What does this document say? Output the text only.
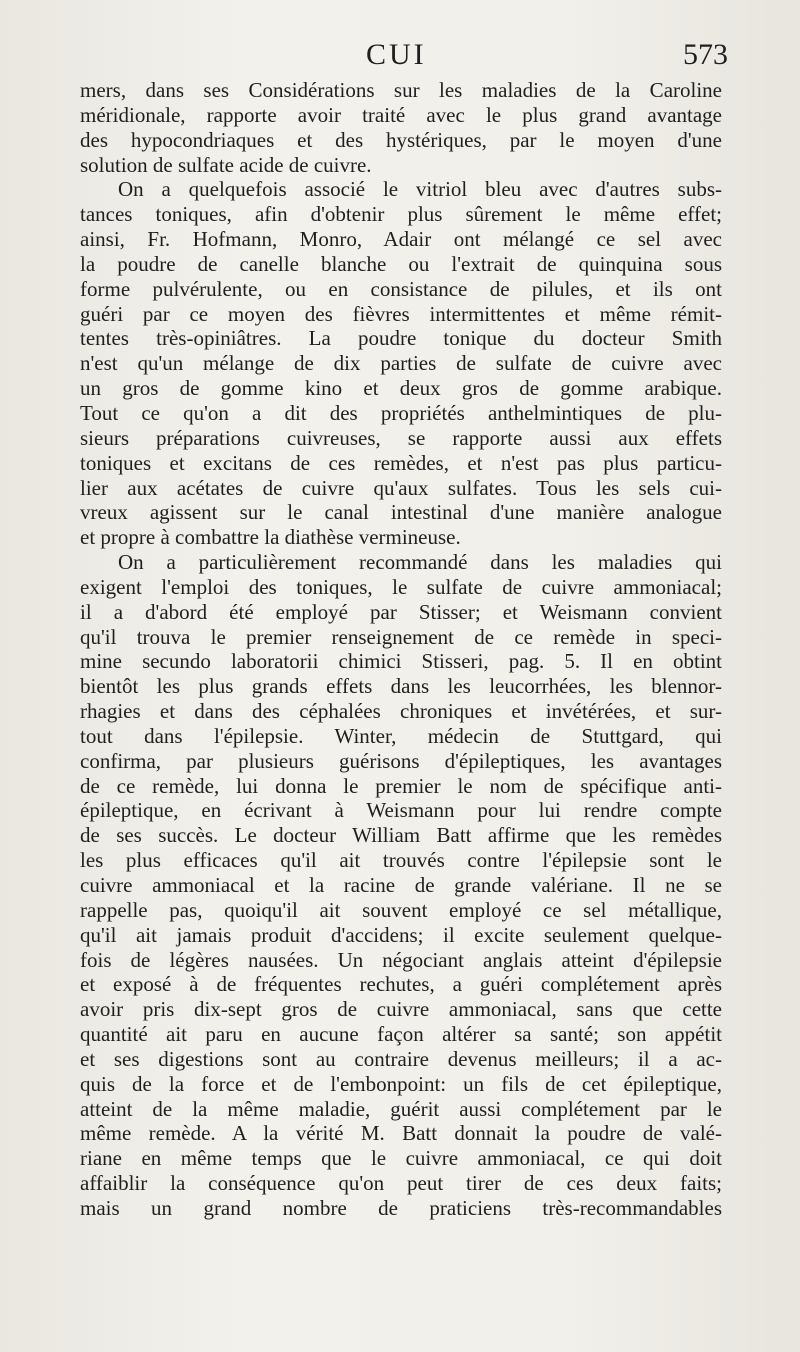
CUI	573
mers, dans ses Considérations sur les maladies de la Caroline
méridionale, rapporte avoir traité avec le plus grand avantage
des hypocondriaques et des hystériques, par le moyen d'une
solution de sulfate acide de cuivre.
On a quelquefois associé le vitriol bleu avec d'autres subs-
tances toniques, afin d'obtenir plus sûrement le même effet;
ainsi, Fr. Hofmann, Monro, Adair ont mélangé ce sel avec
la poudre de canelle blanche ou l'extrait de quinquina sous
forme pulvérulente, ou en consistance de pilules, et ils ont
guéri par ce moyen des fièvres intermittentes et même rémit-
tentes très-opiniâtres. La poudre tonique du docteur Smith
n'est qu'un mélange de dix parties de sulfate de cuivre avec
un gros de gomme kino et deux gros de gomme arabique.
Tout ce qu'on a dit des propriétés anthelmintiques de plu-
sieurs préparations cuivreuses, se rapporte aussi aux effets
toniques et excitans de ces remèdes, et n'est pas plus particu-
lier aux acétates de cuivre qu'aux sulfates. Tous les sels cui-
vreux agissent sur le canal intestinal d'une manière analogue
et propre à combattre la diathèse vermineuse.
On a particulièrement recommandé dans les maladies qui
exigent l'emploi des toniques, le sulfate de cuivre ammoniacal;
il a d'abord été employé par Stisser; et Weismann convient
qu'il trouva le premier renseignement de ce remède in speci-
mine secundo laboratorii chimici Stisseri, pag. 5. Il en obtint
bientôt les plus grands effets dans les leucorrhées, les blennor-
rhagies et dans des céphalées chroniques et invétérées, et sur-
tout dans l'épilepsie. Winter, médecin de Stuttgard, qui
confirma, par plusieurs guérisons d'épileptiques, les avantages
de ce remède, lui donna le premier le nom de spécifique anti-
épileptique, en écrivant à Weismann pour lui rendre compte
de ses succès. Le docteur William Batt affirme que les remèdes
les plus efficaces qu'il ait trouvés contre l'épilepsie sont le
cuivre ammoniacal et la racine de grande valériane. Il ne se
rappelle pas, quoiqu'il ait souvent employé ce sel métallique,
qu'il ait jamais produit d'accidens; il excite seulement quelque-
fois de légères nausées. Un négociant anglais atteint d'épilepsie
et exposé à de fréquentes rechutes, a guéri complétement après
avoir pris dix-sept gros de cuivre ammoniacal, sans que cette
quantité ait paru en aucune façon altérer sa santé; son appétit
et ses digestions sont au contraire devenus meilleurs; il a ac-
quis de la force et de l'embonpoint: un fils de cet épileptique,
atteint de la même maladie, guérit aussi complétement par le
même remède. A la vérité M. Batt donnait la poudre de valé-
riane en même temps que le cuivre ammoniacal, ce qui doit
affaiblir la conséquence qu'on peut tirer de ces deux faits;
mais un grand nombre de praticiens très-recommandables
